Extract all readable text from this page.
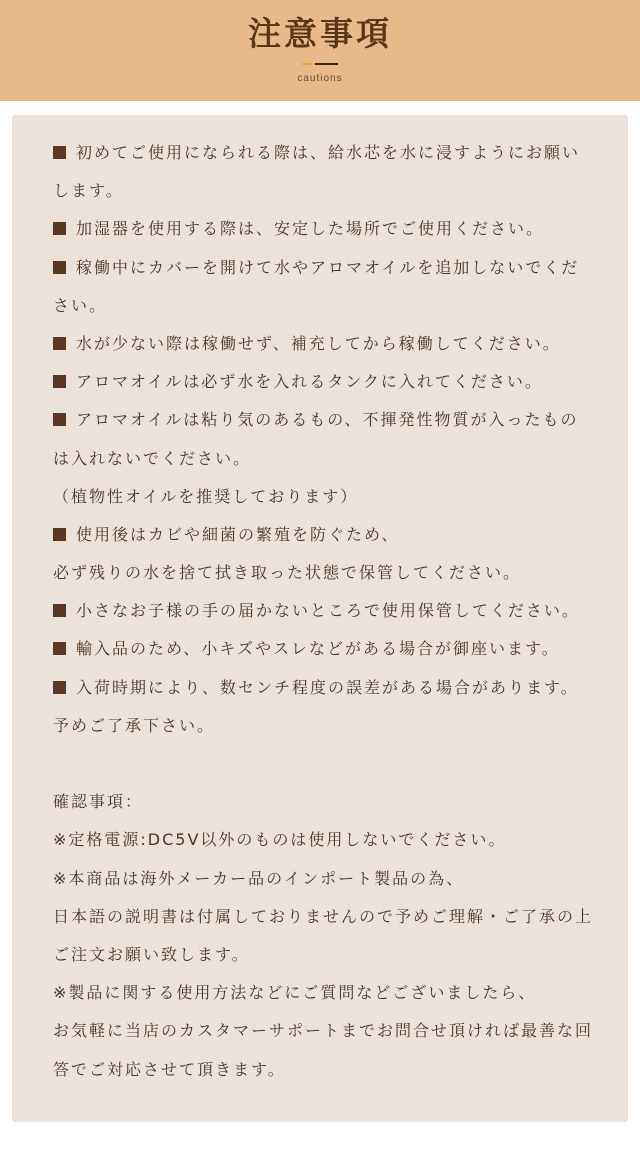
注意事項
cautions
初めてご使用になられる際は、給水芯を水に浸すようにお願い
します。
加湿器を使用する際は、安定した場所でご使用ください。
稼働中にカバーを開けて水やアロマオイルを追加しないでくだ
さい。
水が少ない際は稼働せず、補充してから稼働してください。
アロマオイルは必ず水を入れるタンクに入れてください。
アロマオイルは粘り気のあるもの、不揮発性物質が入ったもの
は入れないでください。
（植物性オイルを推奨しております）
使用後はカビや細菌の繁殖を防ぐため、
必ず残りの水を捨て拭き取った状態で保管してください。
小さなお子様の手の届かないところで使用保管してください。
輸入品のため、小キズやスレなどがある場合が御座います。
入荷時期により、数センチ程度の誤差がある場合があります。
予めご了承下さい。
確認事項：
※定格電源:DC5V以外のものは使用しないでください。
※本商品は海外メーカー品のインポート製品の為、
日本語の説明書は付属しておりませんので予めご理解・ご了承の上
ご注文お願い致します。
※製品に関する使用方法などにご質問などございましたら、
お気軽に当店のカスタマーサポートまでお問合せ頂ければ最善な回
答でご対応させて頂きます。
